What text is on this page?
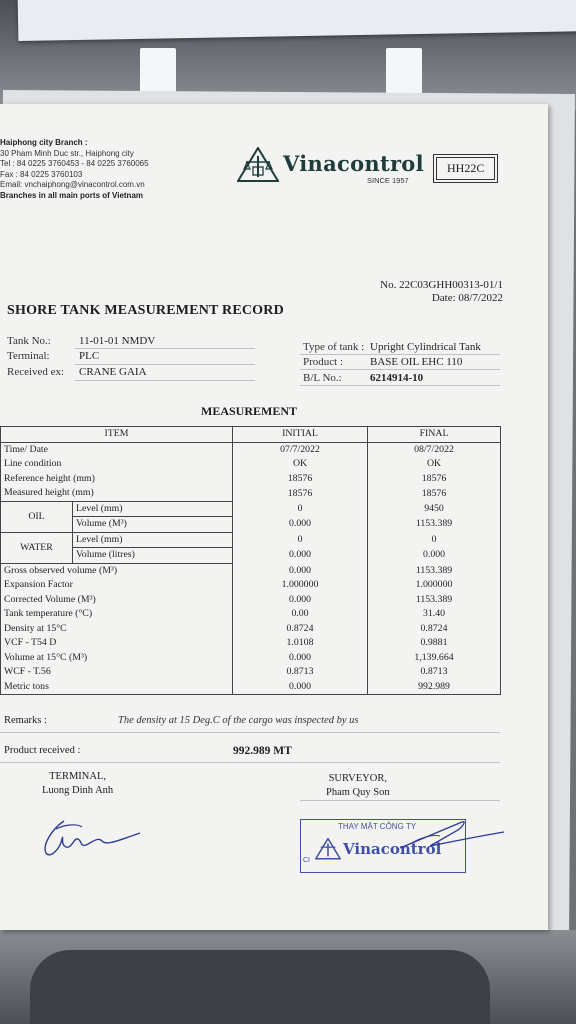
Haiphong city Branch :
30 Pham Minh Duc str., Haiphong city
Tel : 84 0225 3760453 - 84 0225 3760065
Fax : 84 0225 3760103
Email: vnchaiphong@vinacontrol.com.vn
Branches in all main ports of Vietnam
Vinacontrol
SINCE 1957
HH22C
No. 22C03GHH00313-01/1
Date: 08/7/2022
SHORE TANK MEASUREMENT RECORD
Tank No.:	11-01-01 NMDV
Terminal:	PLC
Received ex: CRANE GAIA
Type of tank : Upright Cylindrical Tank
Product : BASE OIL EHC 110
B/L No.:	6214914-10
MEASUREMENT
ITEM		INITIAL	FINAL
Time/ Date		07/7/2022	08/7/2022
Line condition		OK	OK
Reference height (mm)		18576	18576
Measured height (mm)		18576	18576
OIL	Level (mm)	0	9450
	Volume (M³)	0.000	1153.389
WATER	Level (mm)	0	0
	Volume (litres)	0.000	0.000
Gross observed volume (M³)		0.000	1153.389
Expansion Factor		1.000000	1.000000
Corrected Volume (M³)		0.000	1153.389
Tank temperature (°C)		0.00	31.40
Density at 15°C		0.8724	0.8724
VCF - T54 D		1.0108	0.9881
Volume at 15°C (M³)		0.000	1,139.664
WCF - T.56		0.8713	0.8713
Metric tons		0.000	992.989
Remarks :	The density at 15 Deg.C of the cargo was inspected by us
Product received :	992.989 MT
TERMINAL,
Luong Dinh Anh
SURVEYOR,
Pham Quy Son
THAY MẶT CÔNG TY
Vinacontrol
CI
